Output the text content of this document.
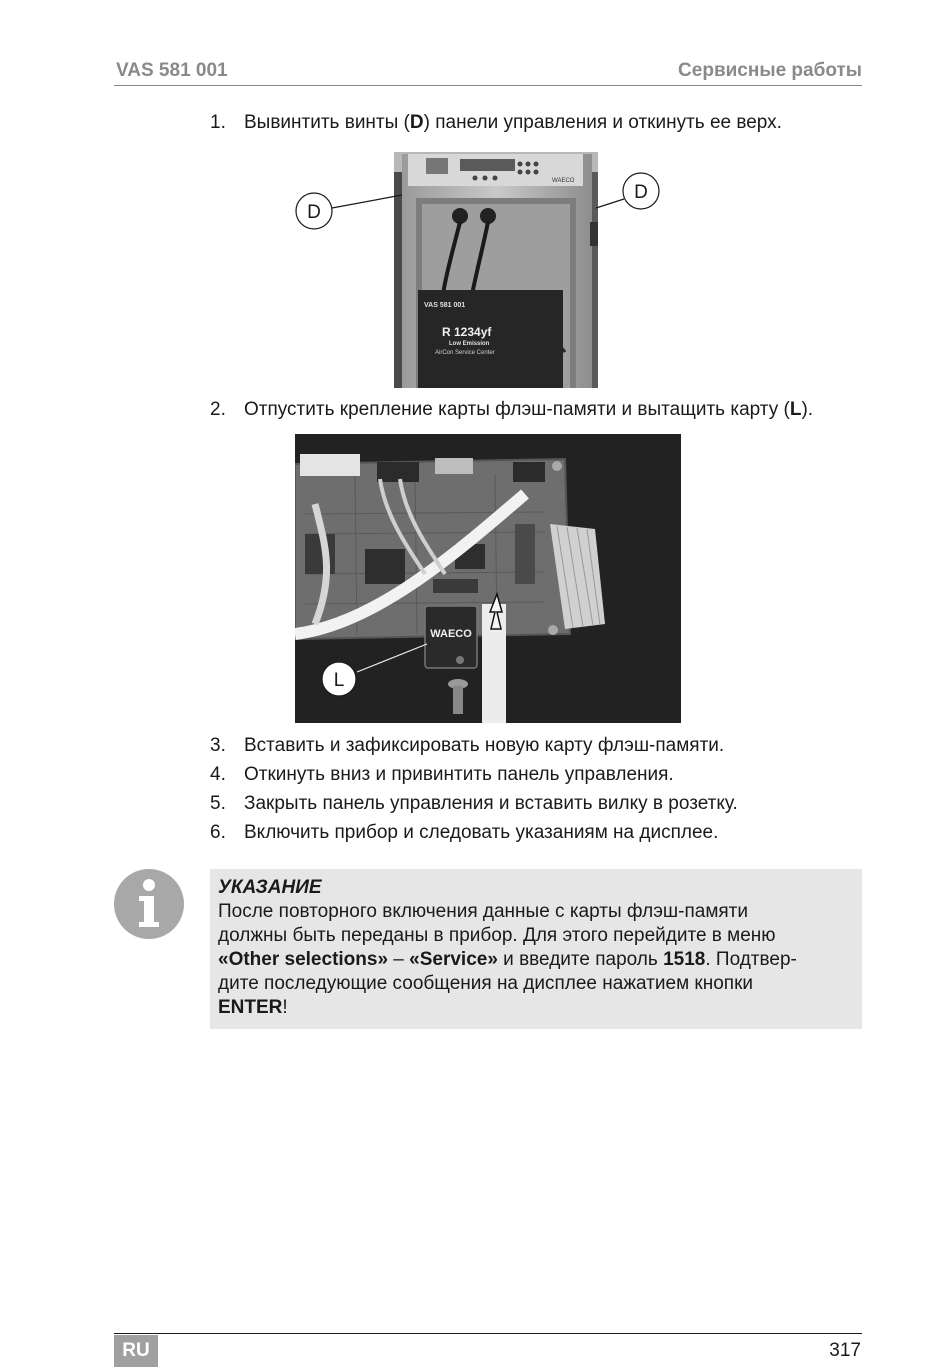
VAS 581 001	Сервисные работы
1. Вывинтить винты (D) панели управления и откинуть ее верх.
WAECO
VAS 581 001
R 1234yf
Low Emission
AirCon Service Center
D
D
2. Отпустить крепление карты флэш-памяти и вытащить карту (L).
WAECO
L
3. Вставить и зафиксировать новую карту флэш-памяти.
4. Откинуть вниз и привинтить панель управления.
5. Закрыть панель управления и вставить вилку в розетку.
6. Включить прибор и следовать указаниям на дисплее.
УКАЗАНИЕ
После повторного включения данные с карты флэш-памяти
должны быть переданы в прибор. Для этого перейдите в меню
«Other selections» – «Service» и введите пароль 1518. Подтвер-
дите последующие сообщения на дисплее нажатием кнопки
ENTER!
RU	317
